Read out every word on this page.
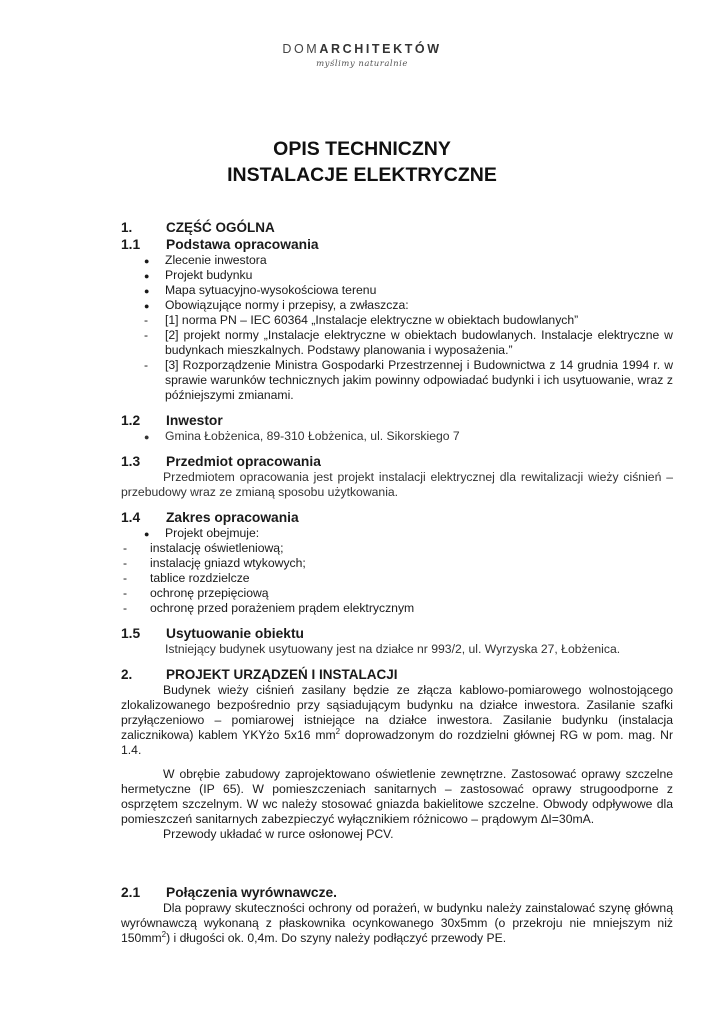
DOMARCHITEKTÓW
myślimy naturalnie
OPIS TECHNICZNY
INSTALACJE ELEKTRYCZNE
1.	CZĘŚĆ OGÓLNA
1.1	Podstawa opracowania
● Zlecenie inwestora
● Projekt budynku
● Mapa sytuacyjno-wysokościowa terenu
● Obowiązujące normy i przepisy, a zwłaszcza:
- [1] norma PN – IEC 60364 „Instalacje elektryczne w obiektach budowlanych”
- [2] projekt normy „Instalacje elektryczne w obiektach budowlanych. Instalacje elektryczne w budynkach mieszkalnych. Podstawy planowania i wyposażenia.”
- [3] Rozporządzenie Ministra Gospodarki Przestrzennej i Budownictwa z 14 grudnia 1994 r. w sprawie warunków technicznych jakim powinny odpowiadać budynki i ich usytuowanie, wraz z późniejszymi zmianami.
1.2	Inwestor
● Gmina Łobżenica, 89-310 Łobżenica, ul. Sikorskiego 7
1.3	Przedmiot opracowania
Przedmiotem opracowania jest projekt instalacji elektrycznej dla rewitalizacji wieży ciśnień – przebudowy wraz ze zmianą sposobu użytkowania.
1.4	Zakres opracowania
● Projekt obejmuje:
- instalację oświetleniową;
- instalację gniazd wtykowych;
- tablice rozdzielcze
- ochronę przepięciową
- ochronę przed porażeniem prądem elektrycznym
1.5	Usytuowanie obiektu
Istniejący budynek usytuowany jest na działce nr 993/2, ul. Wyrzyska 27, Łobżenica.
2.	PROJEKT URZĄDZEŃ I INSTALACJI
Budynek wieży ciśnień zasilany będzie ze złącza kablowo-pomiarowego wolnostojącego zlokalizowanego bezpośrednio przy sąsiadującym budynku na działce inwestora. Zasilanie szafki przyłączeniowo – pomiarowej istniejące na działce inwestora. Zasilanie budynku (instalacja zalicznikowa) kablem YKYżo 5x16 $mm^2$ doprowadzonym do rozdzielni głównej RG w pom. mag. Nr 1.4.
W obrębie zabudowy zaprojektowano oświetlenie zewnętrzne. Zastosować oprawy szczelne hermetyczne (IP 65). W pomieszczeniach sanitarnych – zastosować oprawy strugoodporne z osprzętem szczelnym. W wc należy stosować gniazda bakielitowe szczelne. Obwody odpływowe dla pomieszczeń sanitarnych zabezpieczyć wyłącznikiem różnicowo – prądowym ∆I=30mA.
Przewody układać w rurce osłonowej PCV.
2.1	Połączenia wyrównawcze.
Dla poprawy skuteczności ochrony od porażeń, w budynku należy zainstalować szynę główną wyrównawczą wykonaną z płaskownika ocynkowanego 30x5mm (o przekroju nie mniejszym niż $150mm^2$) i długości ok. 0,4m. Do szyny należy podłączyć przewody PE.
